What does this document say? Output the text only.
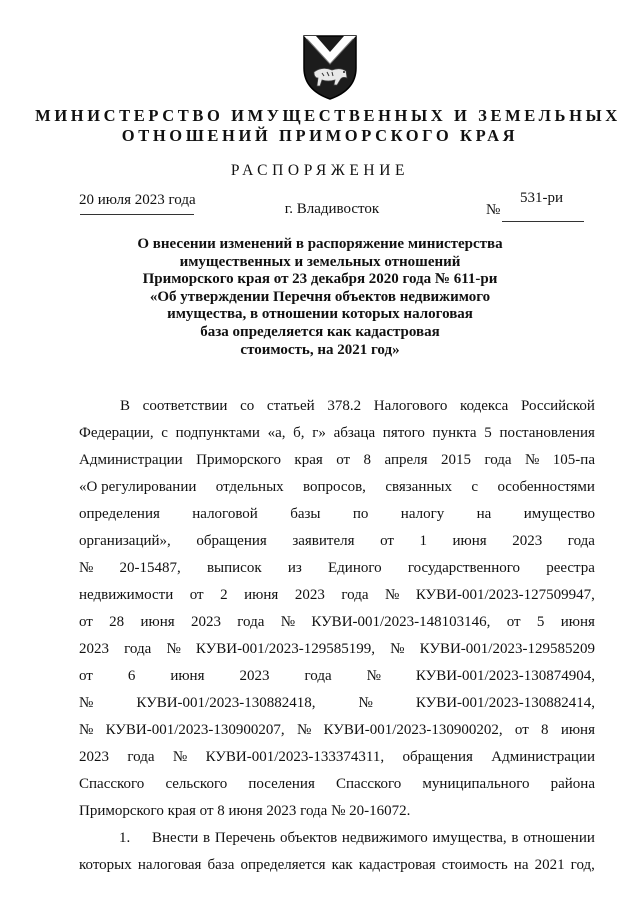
МИНИСТЕРСТВО ИМУЩЕСТВЕННЫХ И ЗЕМЕЛЬНЫХ
ОТНОШЕНИЙ ПРИМОРСКОГО КРАЯ
РАСПОРЯЖЕНИЕ
20 июля 2023 года
г. Владивосток	№
531-ри
О внесении изменений в распоряжение министерства
имущественных и земельных отношений
Приморского края от 23 декабря 2020 года № 611-ри
«Об утверждении Перечня объектов недвижимого
имущества, в отношении которых налоговая
база определяется как кадастровая
стоимость, на 2021 год»
В соответствии со статьей 378.2 Налогового кодекса Российской
Федерации, с подпунктами «а, б, г» абзаца пятого пункта 5 постановления
Администрации Приморского края от 8 апреля 2015 года № 105-па
«О регулировании отдельных вопросов, связанных с особенностями
определения налоговой базы по налогу на имущество
организаций», обращения заявителя от 1 июня 2023 года
№ 20-15487, выписок из Единого государственного реестра
недвижимости от 2 июня 2023 года № КУВИ-001/2023-127509947,
от 28 июня 2023 года № КУВИ-001/2023-148103146, от 5 июня
2023 года № КУВИ-001/2023-129585199, № КУВИ-001/2023-129585209
от 6 июня 2023 года № КУВИ-001/2023-130874904,
№	КУВИ-001/2023-130882418,	№	КУВИ-001/2023-130882414,
№ КУВИ-001/2023-130900207, № КУВИ-001/2023-130900202, от 8 июня
2023 года № КУВИ-001/2023-133374311, обращения Администрации
Спасского сельского поселения Спасского муниципального района
Приморского края от 8 июня 2023 года № 20-16072.
1.	Внести в Перечень объектов недвижимого имущества, в отношении
которых налоговая база определяется как кадастровая стоимость на 2021 год,
